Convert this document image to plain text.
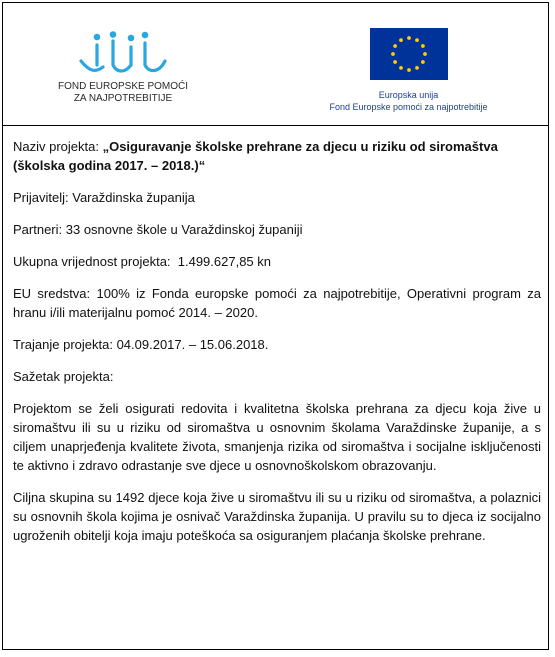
FOND EUROPSKE POMOĆI
ZA NAJPOTREBITIJE	Europska unija
Fond Europske pomoći za najpotrebitije

Naziv projekta: „Osiguravanje školske prehrane za djecu u riziku od siromaštva (školska godina 2017. – 2018.)“

Prijavitelj: Varaždinska županija

Partneri: 33 osnovne škole u Varaždinskoj županiji

Ukupna vrijednost projekta:  1.499.627,85 kn

EU sredstva: 100% iz Fonda europske pomoći za najpotrebitije, Operativni program za hranu i/ili materijalnu pomoć 2014. – 2020.

Trajanje projekta: 04.09.2017. – 15.06.2018.

Sažetak projekta:

Projektom se želi osigurati redovita i kvalitetna školska prehrana za djecu koja žive u siromaštvu ili su u riziku od siromaštva u osnovnim školama Varaždinske županije, a s ciljem unaprjeđenja kvalitete života, smanjenja rizika od siromaštva i socijalne isključenosti te aktivno i zdravo odrastanje sve djece u osnovnoškolskom obrazovanju.

Ciljna skupina su 1492 djece koja žive u siromaštvu ili su u riziku od siromaštva, a polaznici su osnovnih škola kojima je osnivač Varaždinska županija. U pravilu su to djeca iz socijalno ugroženih obitelji koja imaju poteškoća sa osiguranjem plaćanja školske prehrane.
